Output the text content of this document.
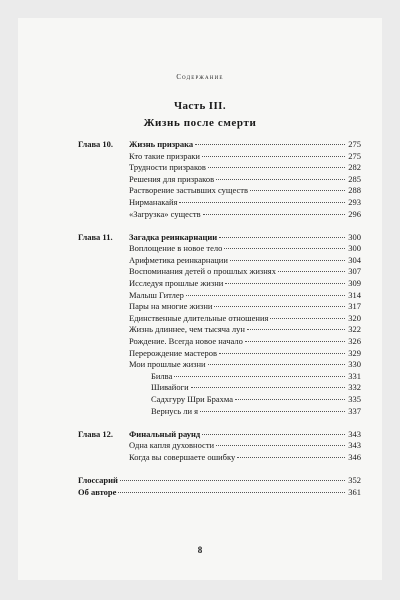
Содержание
Часть III.
Жизнь после смерти
Глава 10.	Жизнь призрака	275
Кто такие призраки	275
Трудности призраков	282
Решения для призраков	285
Растворение застывших существ	288
Нирманакайя	293
«Загрузка» существ	296
Глава 11.	Загадка реинкарнации	300
Воплощение в новое тело	300
Арифметика реинкарнации	304
Воспоминания детей о прошлых жизнях	307
Исследуя прошлые жизни	309
Малыш Гитлер	314
Пары на многие жизни	317
Единственные длительные отношения	320
Жизнь длиннее, чем тысяча лун	322
Рождение. Всегда новое начало	326
Перерождение мастеров	329
Мои прошлые жизни	330
Билва	331
Шивайоги	332
Садхгуру Шри Брахма	335
Вернусь ли я	337
Глава 12.	Финальный раунд	343
Одна капля духовности	343
Когда вы совершаете ошибку	346
Глоссарий	352
Об авторе	361
8
